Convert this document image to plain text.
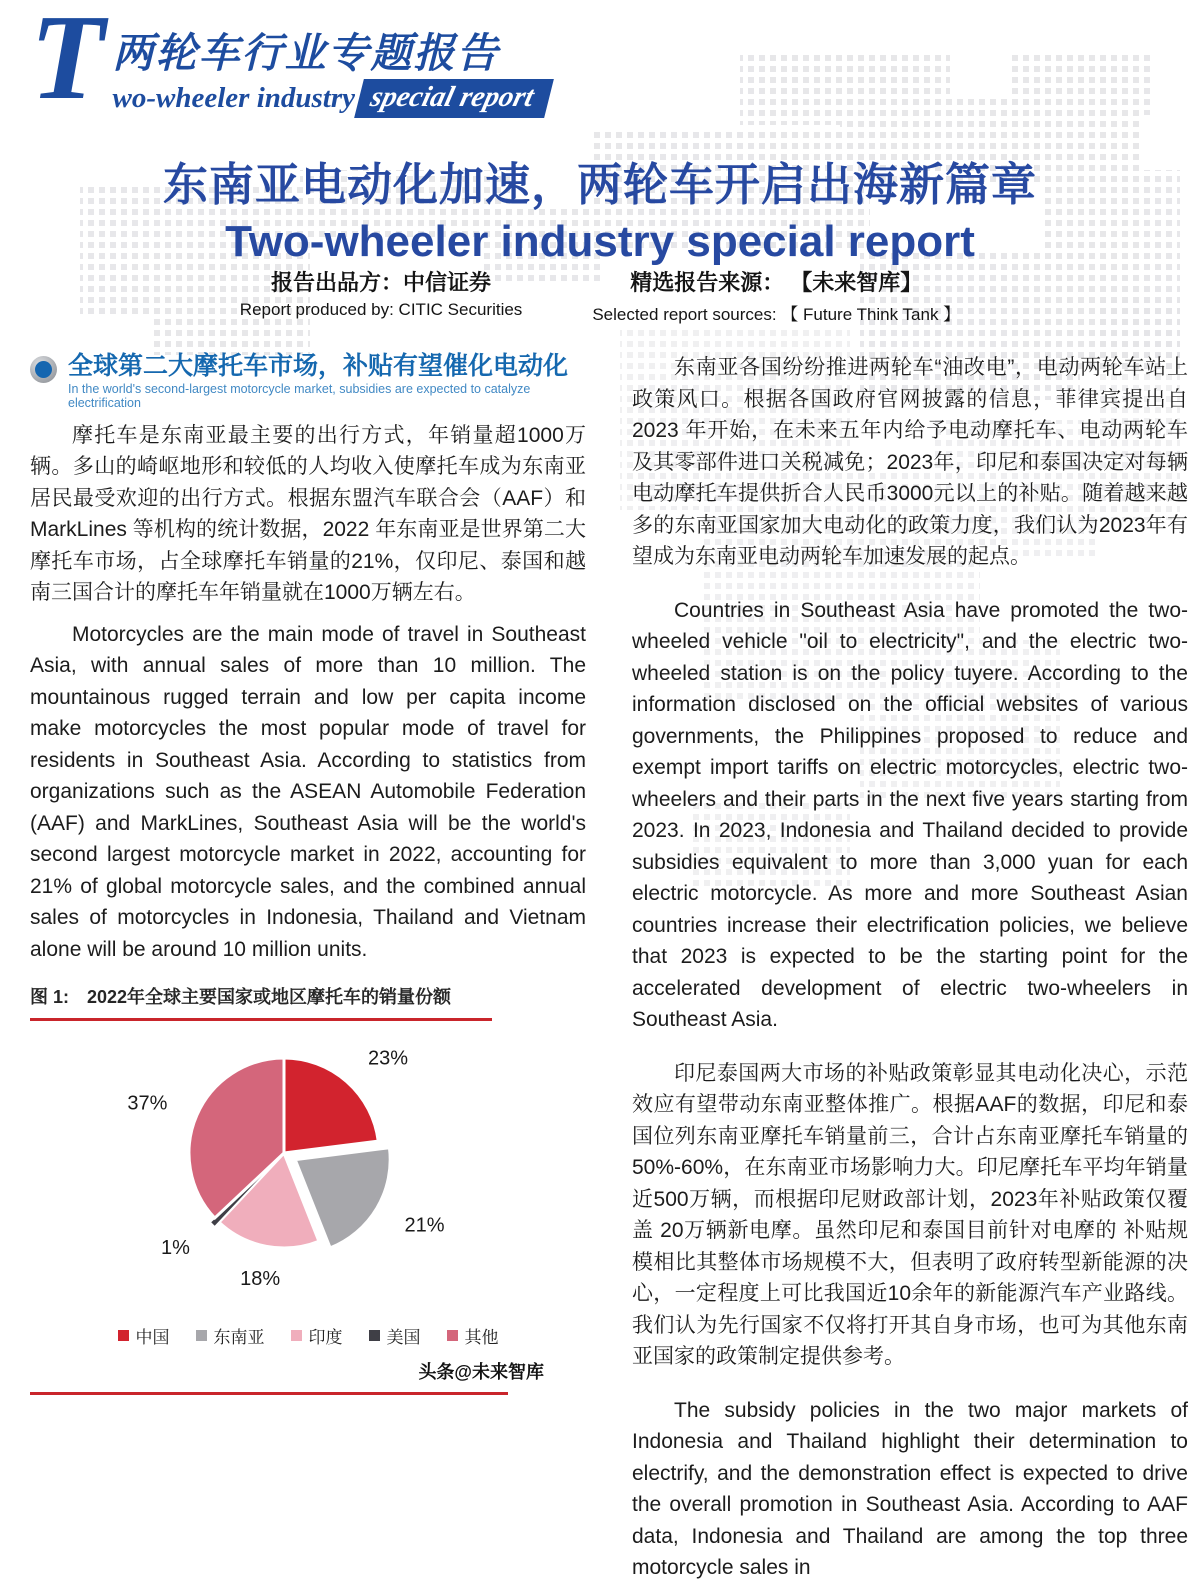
T 两轮车行业专题报告
wo-wheeler industry special report
东南亚电动化加速，两轮车开启出海新篇章
Two-wheeler industry special report
报告出品方：中信证券
Report produced by: CITIC Securities
精选报告来源： 【未来智库】
Selected report sources: 【 Future Think Tank 】
全球第二大摩托车市场，补贴有望催化电动化
In the world's second-largest motorcycle market, subsidies are expected to catalyze electrification

摩托车是东南亚最主要的出行方式，年销量超1000万辆。多山的崎岖地形和较低的人均收入使摩托车成为东南亚居民最受欢迎的出行方式。根据东盟汽车联合会（AAF）和MarkLines 等机构的统计数据，2022 年东南亚是世界第二大摩托车市场，占全球摩托车销量的21%，仅印尼、泰国和越南三国合计的摩托车年销量就在1000万辆左右。

Motorcycles are the main mode of travel in Southeast Asia, with annual sales of more than 10 million. The mountainous rugged terrain and low per capita income make motorcycles the most popular mode of travel for residents in Southeast Asia. According to statistics from organizations such as the ASEAN Automobile Federation (AAF) and MarkLines, Southeast Asia will be the world's second largest motorcycle market in 2022, accounting for 21% of global motorcycle sales, and the combined annual sales of motorcycles in Indonesia, Thailand and Vietnam alone will be around 10 million units.

图 1: 2022年全球主要国家或地区摩托车的销量份额
23%
21%
18%
1%
37%
中国	东南亚	印度	美国	其他
头条@未来智库

东南亚各国纷纷推进两轮车“油改电”，电动两轮车站上政策风口。根据各国政府官网披露的信息，菲律宾提出自2023 年开始，在未来五年内给予电动摩托车、电动两轮车及其零部件进口关税减免；2023年，印尼和泰国决定对每辆电动摩托车提供折合人民币3000元以上的补贴。随着越来越多的东南亚国家加大电动化的政策力度，我们认为2023年有望成为东南亚电动两轮车加速发展的起点。

Countries in Southeast Asia have promoted the two-wheeled vehicle "oil to electricity", and the electric two-wheeled station is on the policy tuyere. According to the information disclosed on the official websites of various governments, the Philippines proposed to reduce and exempt import tariffs on electric motorcycles, electric two-wheelers and their parts in the next five years starting from 2023. In 2023, Indonesia and Thailand decided to provide subsidies equivalent to more than 3,000 yuan for each electric motorcycle. As more and more Southeast Asian countries increase their electrification policies, we believe that 2023 is expected to be the starting point for the accelerated development of electric two-wheelers in Southeast Asia.

印尼泰国两大市场的补贴政策彰显其电动化决心，示范效应有望带动东南亚整体推广。根据AAF的数据，印尼和泰国位列东南亚摩托车销量前三，合计占东南亚摩托车销量的50%-60%，在东南亚市场影响力大。印尼摩托车平均年销量近500万辆，而根据印尼财政部计划，2023年补贴政策仅覆盖 20万辆新电摩。虽然印尼和泰国目前针对电摩的 补贴规模相比其整体市场规模不大，但表明了政府转型新能源的决心，一定程度上可比我国近10余年的新能源汽车产业路线。我们认为先行国家不仅将打开其自身市场，也可为其他东南亚国家的政策制定提供参考。

The subsidy policies in the two major markets of Indonesia and Thailand highlight their determination to electrify, and the demonstration effect is expected to drive the overall promotion in Southeast Asia. According to AAF data, Indonesia and Thailand are among the top three motorcycle sales in
